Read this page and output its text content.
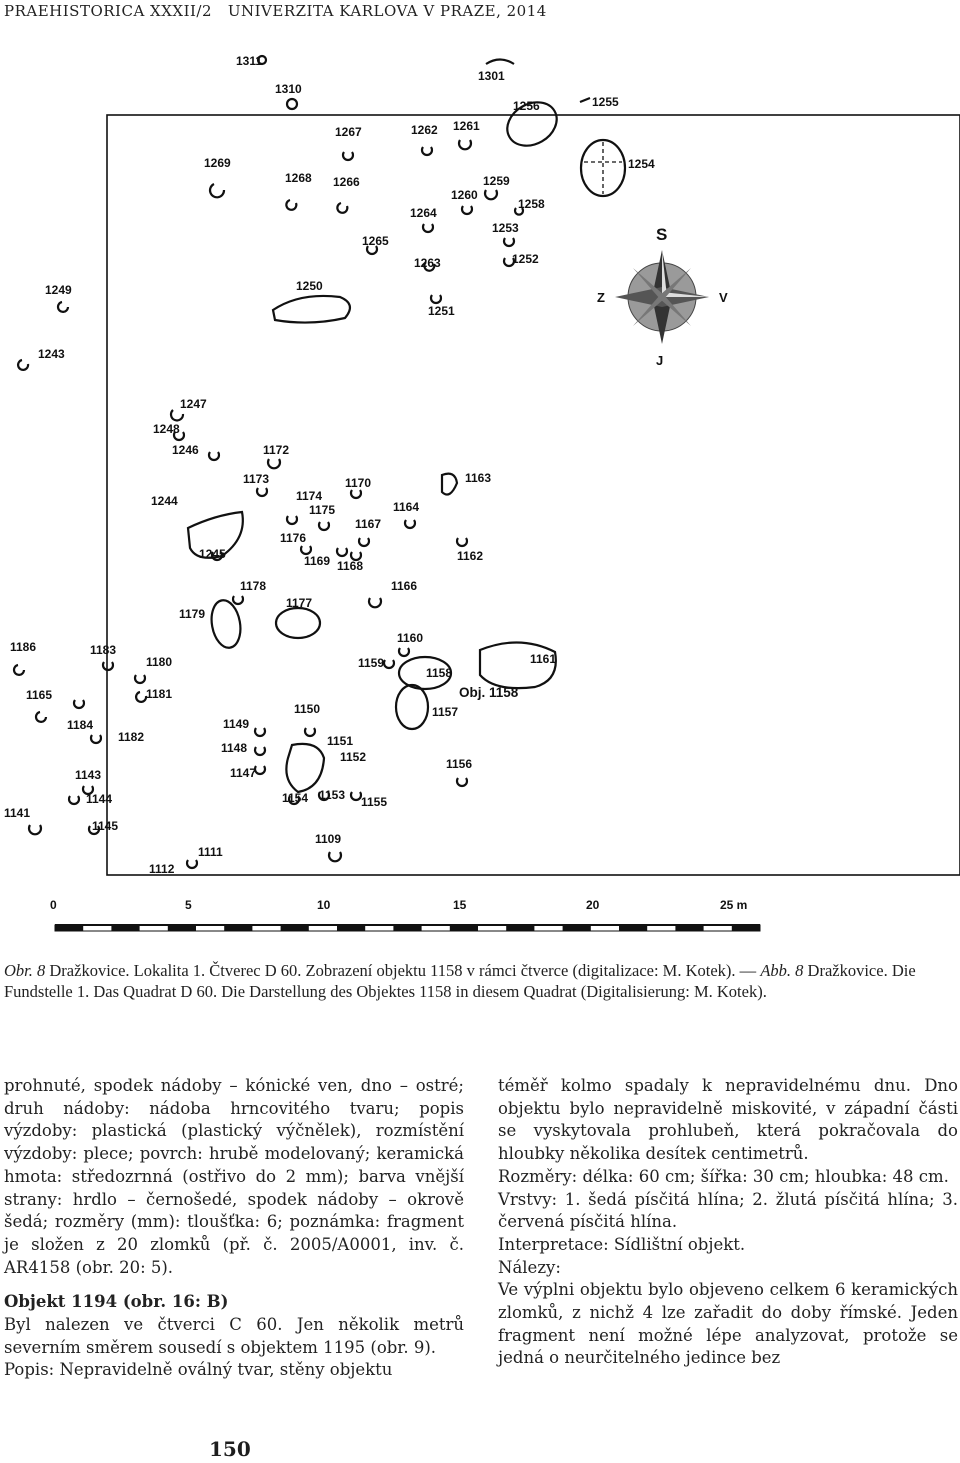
PRAEHISTORICA XXXII/2 UNIVERZITA KARLOVA V PRAZE, 2014
S
J
Z	V
1311
1310
1301
1256	1255
1267	1262 1261
1269
1268 1266	1259
1254
1260
1258
1264
1253
1265
1263	1252
1249	1250
1251
1243
1247
1248
1246	1172
1163
1173	1170
1174
1244
1175	1164
1167
1176
1245	1169 1168
1162
1178	1166
1179
1177
1186	1183
1160
1180	1159
1158
1161
1165	1181
1150	1157
1184	1149
1182
1148	1151
1152
1147
1156
1143
1144	1154 1153 1155
1141
1145
1109
1111
1112
Obj. 1158
0	5	10	15	20	25 m
Obr. 8 Dražkovice. Lokalita 1. Čtverec D 60. Zobrazení objektu 1158 v rámci čtverce (digitalizace: M. Kotek). — Abb. 8 Dražkovice. Die Fundstelle 1. Das Quadrat D 60. Die Darstellung des Objektes 1158 in diesem Quadrat (Digitalisierung: M. Kotek).

prohnuté, spodek nádoby – kónické ven, dno – ostré; druh nádoby: nádoba hrncovitého tvaru; popis výzdoby: plastická (plastický výčnělek), rozmístění výzdoby: plece; povrch: hrubě modelovaný; keramická hmota: středozrnná (ostřivo do 2 mm); barva vnější strany: hrdlo – černošedé, spodek nádoby – okrově šedá; rozměry (mm): tloušťka: 6; poznámka: fragment je složen z 20 zlomků (př. č. 2005/A0001, inv. č. AR4158 (obr. 20: 5).

Objekt 1194 (obr. 16: B)

Byl nalezen ve čtverci C 60. Jen několik metrů severním směrem sousedí s objektem 1195 (obr. 9).

Popis: Nepravidelně oválný tvar, stěny objektu

téměř kolmo spadaly k nepravidelnému dnu. Dno objektu bylo nepravidelně miskovité, v západní části se vyskytovala prohlubeň, která pokračovala do hloubky několika desítek centimetrů.

Rozměry: délka: 60 cm; šířka: 30 cm; hloubka: 48 cm.

Vrstvy: 1. šedá písčitá hlína; 2. žlutá písčitá hlína; 3. červená písčitá hlína.

Interpretace: Sídlištní objekt.

Nálezy:

Ve výplni objektu bylo objeveno celkem 6 keramických zlomků, z nichž 4 lze zařadit do doby římské. Jeden fragment není možné lépe analyzovat, protože se jedná o neurčitelného jedince bez

150
